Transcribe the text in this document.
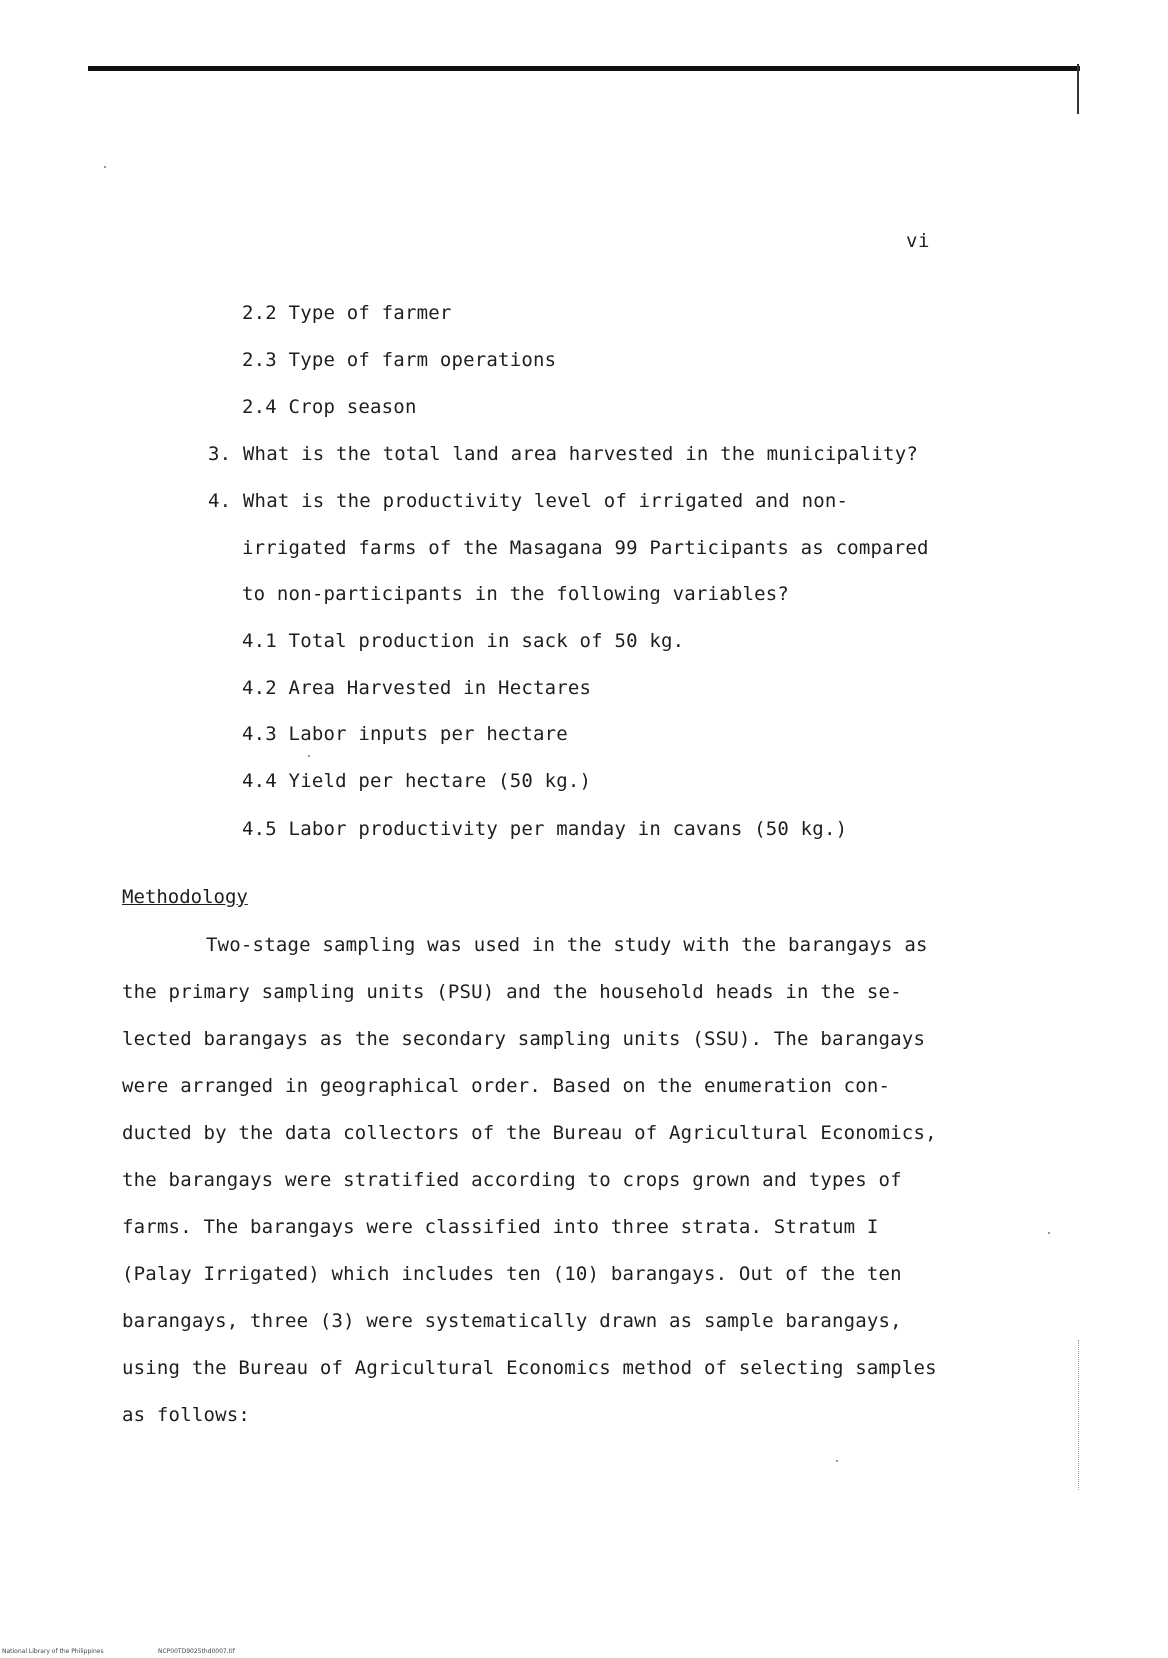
vi
2.2 Type of farmer
2.3 Type of farm operations
2.4 Crop season
3. What is the total land area harvested in the municipality?
4. What is the productivity level of irrigated and non-
irrigated farms of the Masagana 99 Participants as compared
to non-participants in the following variables?
4.1 Total production in sack of 50 kg.
4.2 Area Harvested in Hectares
4.3 Labor inputs per hectare
4.4 Yield per hectare (50 kg.)
4.5 Labor productivity per manday in cavans (50 kg.)
Methodology
Two-stage sampling was used in the study with the barangays as
the primary sampling units (PSU) and the household heads in the se-
lected barangays as the secondary sampling units (SSU). The barangays
were arranged in geographical order. Based on the enumeration con-
ducted by the data collectors of the Bureau of Agricultural Economics,
the barangays were stratified according to crops grown and types of
farms. The barangays were classified into three strata. Stratum I
(Palay Irrigated) which includes ten (10) barangays. Out of the ten
barangays, three (3) were systematically drawn as sample barangays,
using the Bureau of Agricultural Economics method of selecting samples
as follows:
National Library of the Philippines	NCP00TD9025thd0007.tif
